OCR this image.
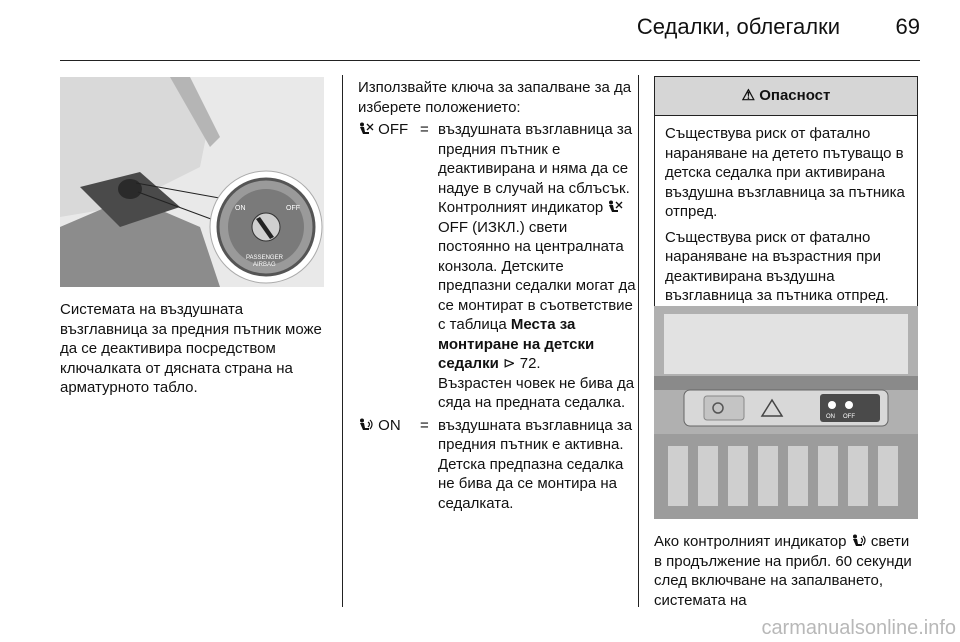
Седалки, облегалки	69
ON	OFF
PASSENGER
AIRBAG
Системата на въздушната възглавница за предния пътник може да се деактивира посредством ключалката от дясната страна на арматурното табло.
Използвайте ключа за запалване за да изберете положението:
OFF = въздушната възглавница за предния пътник е деактивирана и няма да се надуе в случай на сблъсък. Контролният индикатор OFF (ИЗКЛ.) свети постоянно на централната конзола. Детските предпазни седалки могат да се монтират в съответствие с таблица Места за монтиране на детски седалки ⊳ 72.
Възрастен човек не бива да сяда на предната седалка.
ON	= въздушната възглавница за предния пътник е активна.
Детска предпазна седалка не бива да се монтира на седалката.
⚠ Опасност

Съществува риск от фатално нараняване на детето пътуващо в детска седалка при активирана въздушна възглавница за пътника отпред.

Съществува риск от фатално нараняване на възрастния при деактивирана въздушна възглавница за пътника отпред.

ON OFF
Ако контролният индикатор  свети в продължение на прибл. 60 секунди след включване на запалването, системата на
carmanualsonline.info
